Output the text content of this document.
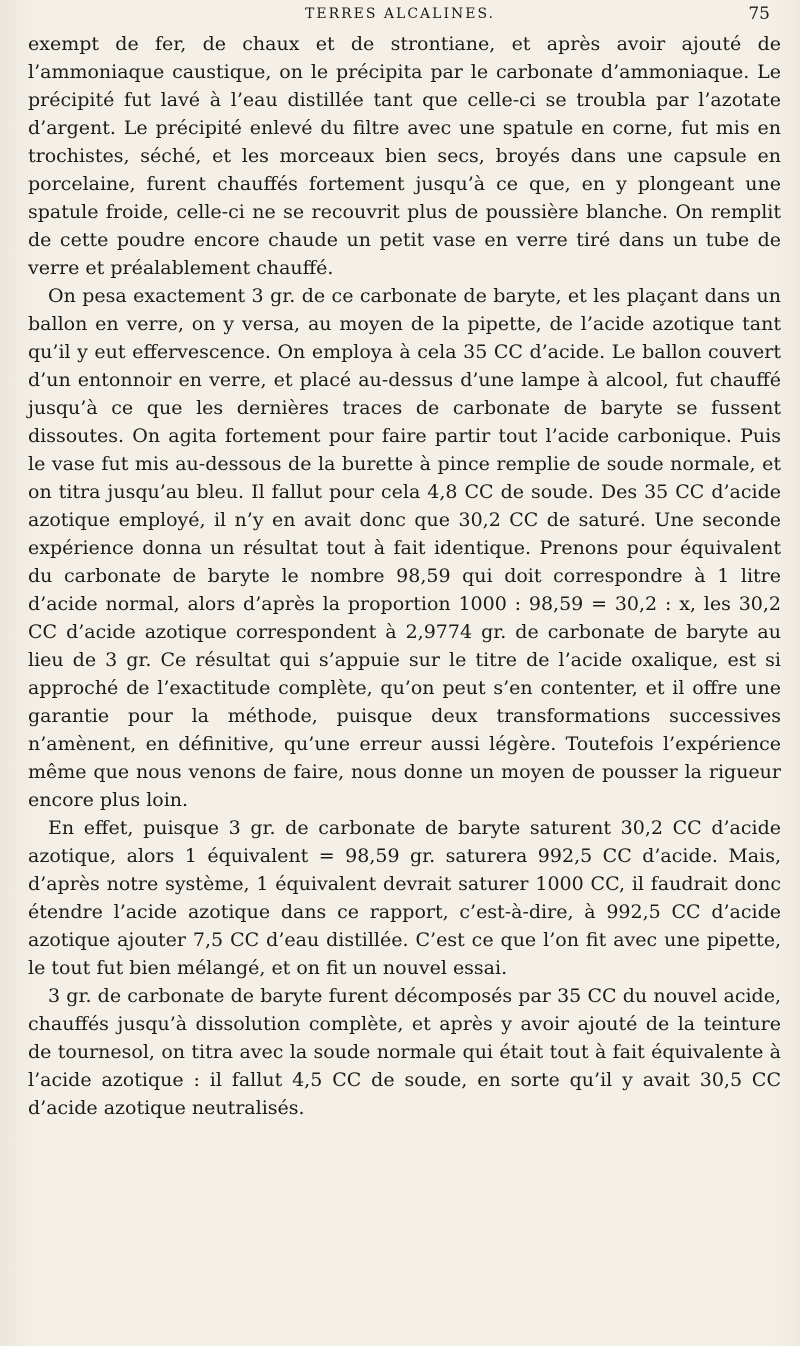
TERRES ALCALINES.	75

exempt de fer, de chaux et de strontiane, et après avoir ajouté de l’ammoniaque caustique, on le précipita par le carbonate d’ammoniaque. Le précipité fut lavé à l’eau distillée tant que celle-ci se troubla par l’azotate d’argent. Le précipité enlevé du filtre avec une spatule en corne, fut mis en trochistes, séché, et les morceaux bien secs, broyés dans une capsule en porcelaine, furent chauffés fortement jusqu’à ce que, en y plongeant une spatule froide, celle-ci ne se recouvrit plus de poussière blanche. On remplit de cette poudre encore chaude un petit vase en verre tiré dans un tube de verre et préalablement chauffé.

On pesa exactement 3 gr. de ce carbonate de baryte, et les plaçant dans un ballon en verre, on y versa, au moyen de la pipette, de l’acide azotique tant qu’il y eut effervescence. On employa à cela 35 CC d’acide. Le ballon couvert d’un entonnoir en verre, et placé au-dessus d’une lampe à alcool, fut chauffé jusqu’à ce que les dernières traces de carbonate de baryte se fussent dissoutes. On agita fortement pour faire partir tout l’acide carbonique. Puis le vase fut mis au-dessous de la burette à pince remplie de soude normale, et on titra jusqu’au bleu. Il fallut pour cela 4,8 CC de soude. Des 35 CC d’acide azotique employé, il n’y en avait donc que 30,2 CC de saturé. Une seconde expérience donna un résultat tout à fait identique. Prenons pour équivalent du carbonate de baryte le nombre 98,59 qui doit correspondre à 1 litre d’acide normal, alors d’après la proportion 1000 : 98,59 = 30,2 : x, les 30,2 CC d’acide azotique correspondent à 2,9774 gr. de carbonate de baryte au lieu de 3 gr. Ce résultat qui s’appuie sur le titre de l’acide oxalique, est si approché de l’exactitude complète, qu’on peut s’en contenter, et il offre une garantie pour la méthode, puisque deux transformations successives n’amènent, en définitive, qu’une erreur aussi légère. Toutefois l’expérience même que nous venons de faire, nous donne un moyen de pousser la rigueur encore plus loin.

En effet, puisque 3 gr. de carbonate de baryte saturent 30,2 CC d’acide azotique, alors 1 équivalent = 98,59 gr. saturera 992,5 CC d’acide. Mais, d’après notre système, 1 équivalent devrait saturer 1000 CC, il faudrait donc étendre l’acide azotique dans ce rapport, c’est-à-dire, à 992,5 CC d’acide azotique ajouter 7,5 CC d’eau distillée. C’est ce que l’on fit avec une pipette, le tout fut bien mélangé, et on fit un nouvel essai.

3 gr. de carbonate de baryte furent décomposés par 35 CC du nouvel acide, chauffés jusqu’à dissolution complète, et après y avoir ajouté de la teinture de tournesol, on titra avec la soude normale qui était tout à fait équivalente à l’acide azotique : il fallut 4,5 CC de soude, en sorte qu’il y avait 30,5 CC d’acide azotique neutralisés.
